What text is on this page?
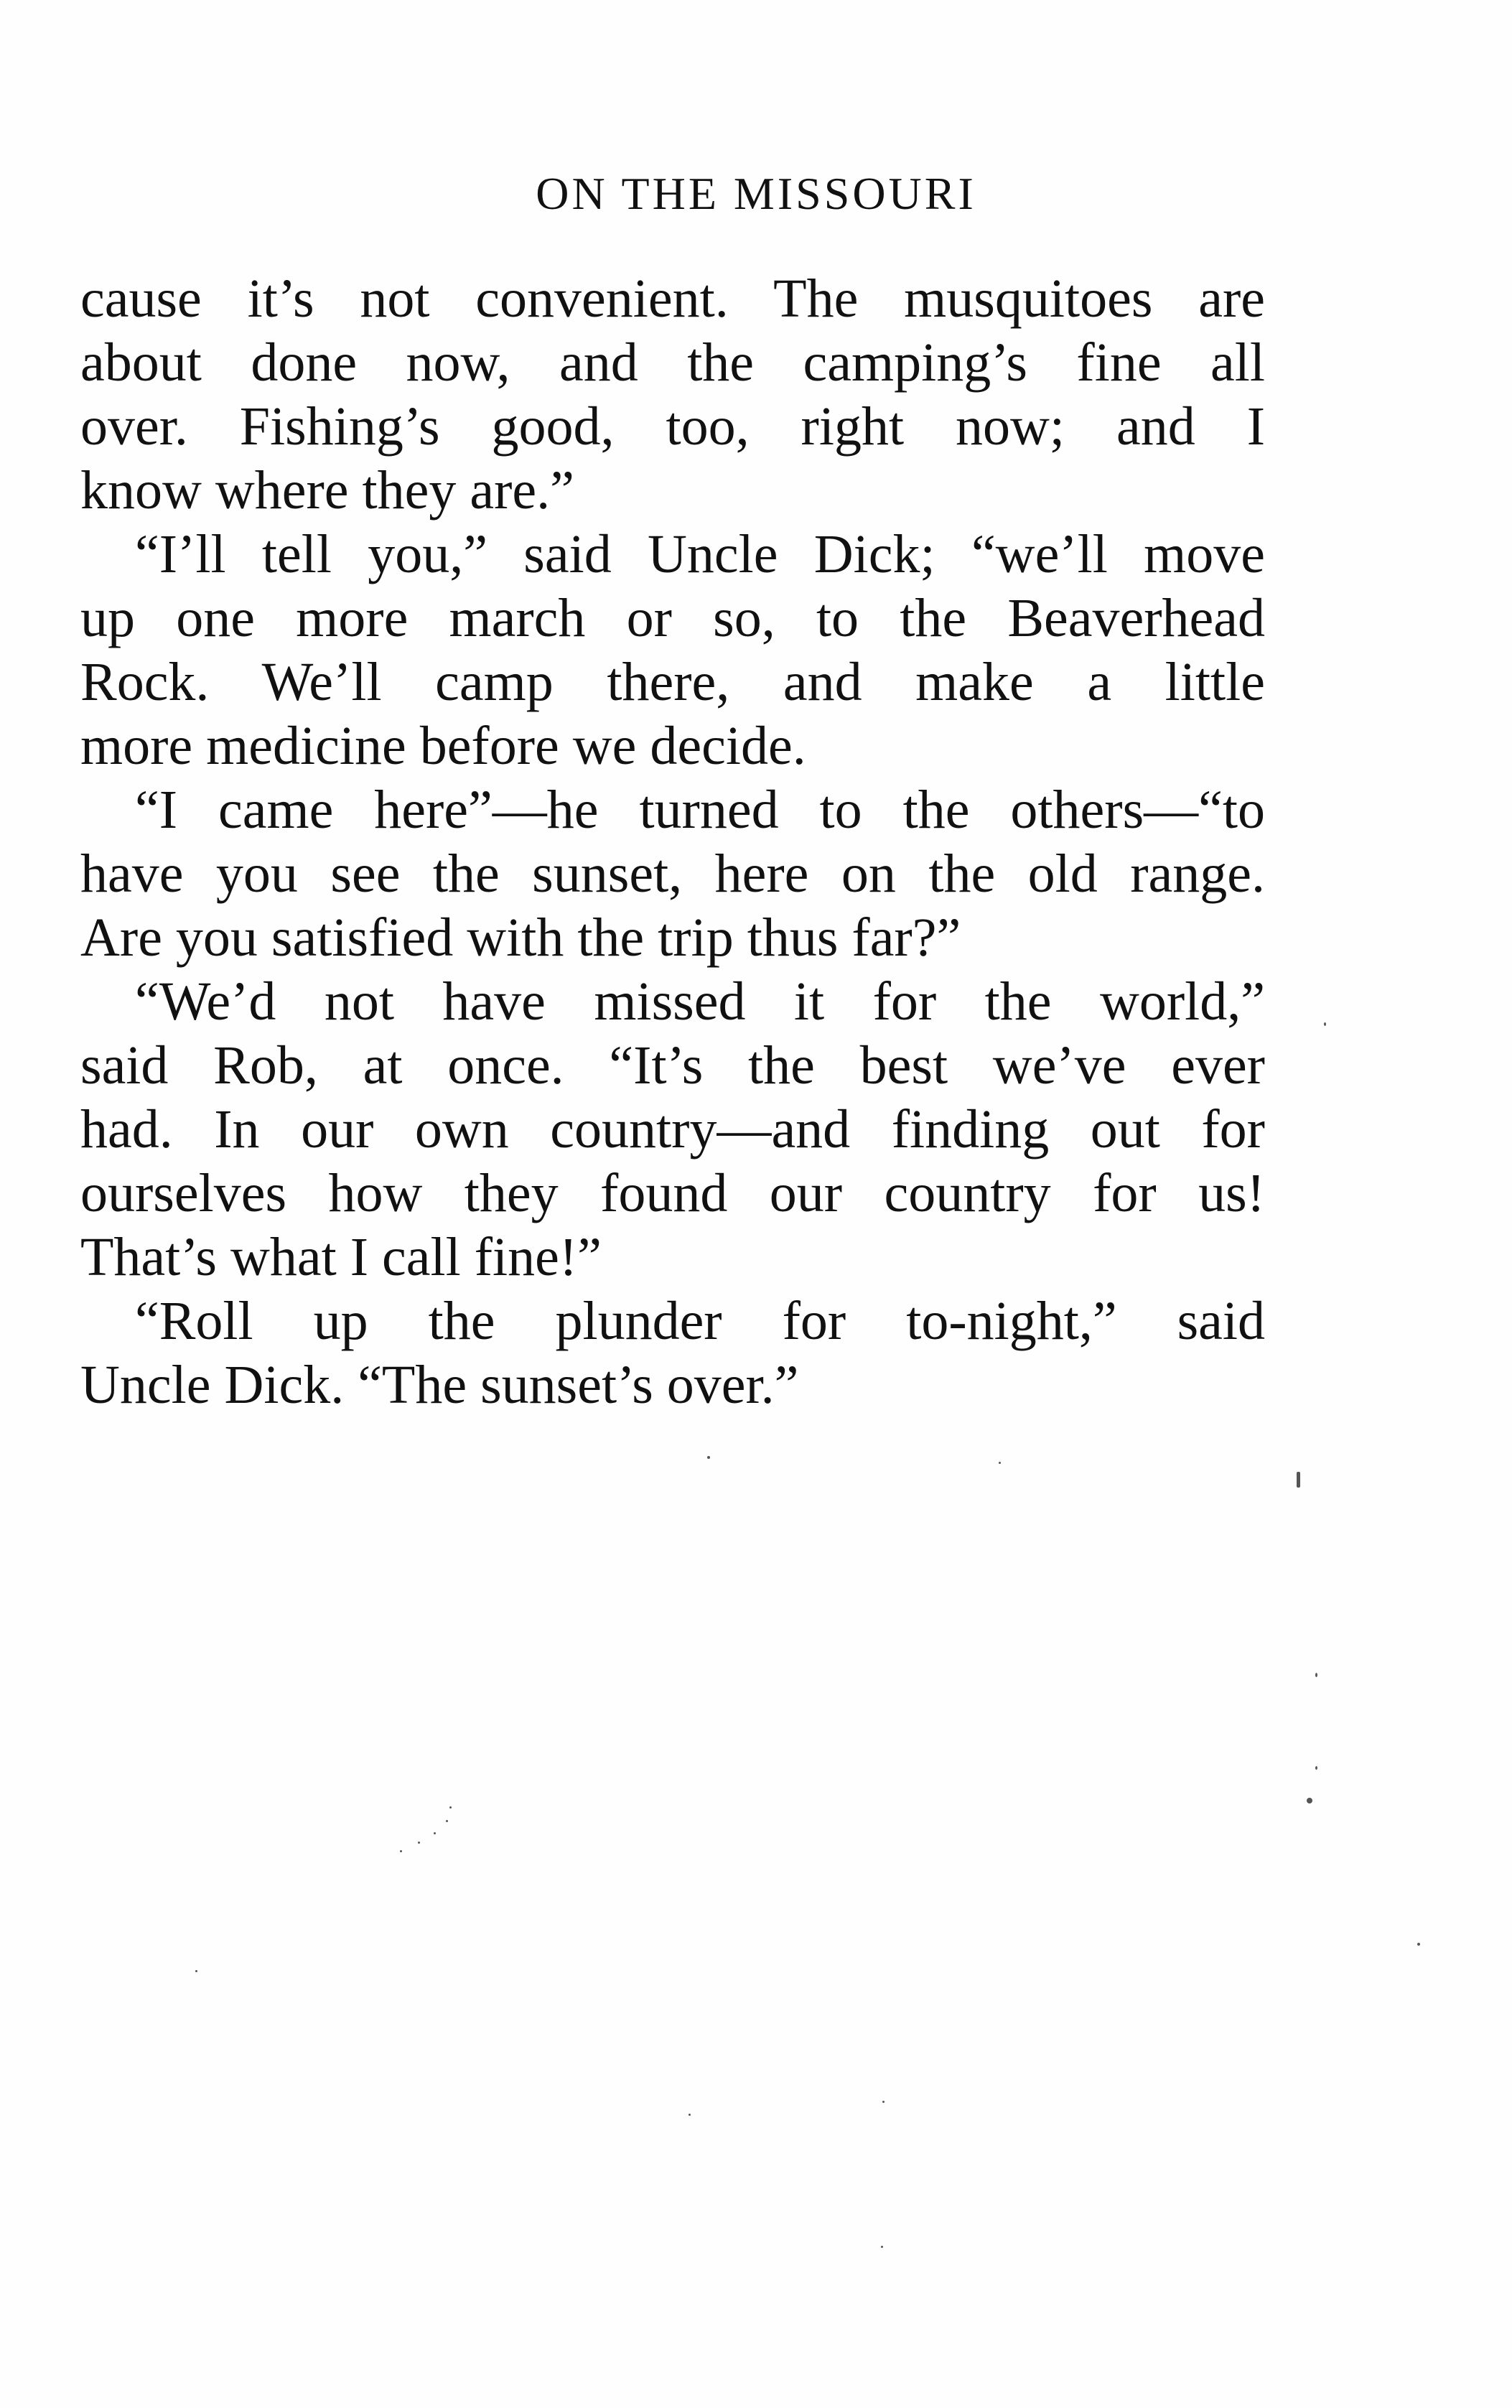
ON THE MISSOURI
cause it’s not convenient. The musquitoes are
about done now, and the camping’s fine all
over. Fishing’s good, too, right now; and I
know where they are.”
“I’ll tell you,” said Uncle Dick; “we’ll move
up one more march or so, to the Beaverhead
Rock. We’ll camp there, and make a little
more medicine before we decide.
“I came here”—he turned to the others—“to
have you see the sunset, here on the old range.
Are you satisfied with the trip thus far?”
“We’d not have missed it for the world,”
said Rob, at once. “It’s the best we’ve ever
had. In our own country—and finding out for
ourselves how they found our country for us!
That’s what I call fine!”
“Roll up the plunder for to-night,” said
Uncle Dick. “The sunset’s over.”
